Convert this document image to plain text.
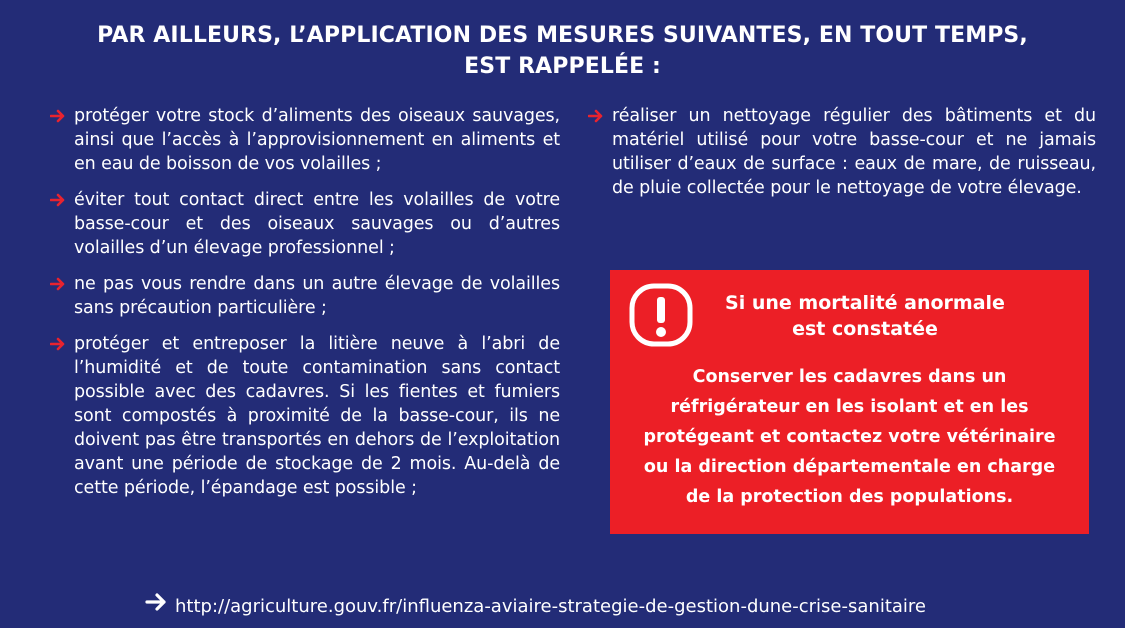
PAR AILLEURS, L’APPLICATION DES MESURES SUIVANTES, EN TOUT TEMPS,
EST RAPPELÉE :
protéger votre stock d’aliments des oiseaux sauvages, ainsi que l’accès à l’approvisionnement en aliments et en eau de boisson de vos volailles ;
éviter tout contact direct entre les volailles de votre basse-cour et des oiseaux sauvages ou d’autres volailles d’un élevage professionnel ;
ne pas vous rendre dans un autre élevage de volailles sans précaution particulière ;
protéger et entreposer la litière neuve à l’abri de l’humidité et de toute contamination sans contact possible avec des cadavres. Si les fientes et fumiers sont compostés à proximité de la basse-cour, ils ne doivent pas être transportés en dehors de l’exploitation avant une période de stockage de 2 mois. Au-delà de cette période, l’épandage est possible ;
réaliser un nettoyage régulier des bâtiments et du matériel utilisé pour votre basse-cour et ne jamais utiliser d’eaux de surface : eaux de mare, de ruisseau, de pluie collectée pour le nettoyage de votre élevage.
Si une mortalité anormale
est constatée
Conserver les cadavres dans un réfrigérateur en les isolant et en les protégeant et contactez votre vétérinaire ou la direction départementale en charge de la protection des populations.
http://agriculture.gouv.fr/influenza-aviaire-strategie-de-gestion-dune-crise-sanitaire
